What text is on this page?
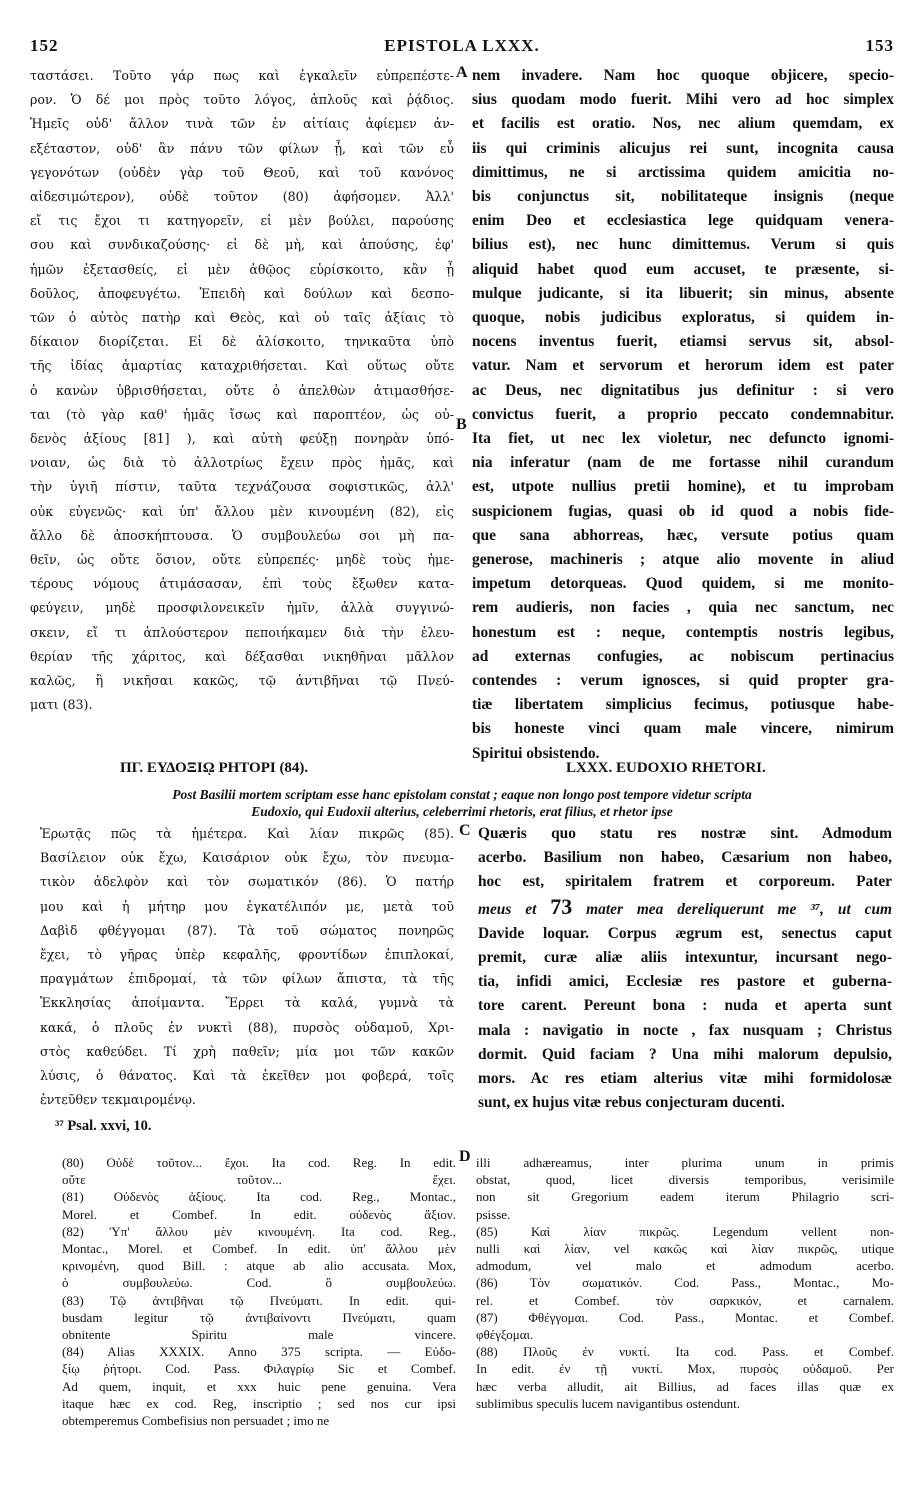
152	EPISTOLA LXXX.	153
ταστάσει. Τοῦτο γάρ πως καὶ ἐγκαλεῖν εὐπρεπέστε-
ρον. Ὁ δέ μοι πρὸς τοῦτο λόγος, ἁπλοῦς καὶ ῥᾴδιος.
Ἡμεῖς οὐδ' ἄλλον τινὰ τῶν ἐν αἰτίαις ἀφίεμεν ἀν-
εξέταστον, οὐδ' ἂν πάνυ τῶν φίλων ᾖ, καὶ τῶν εὖ
γεγονότων (οὐδὲν γὰρ τοῦ Θεοῦ, καὶ τοῦ κανόνος
αἰδεσιμώτερον), οὐδὲ τοῦτον (80) ἀφήσομεν. Ἀλλ'
εἴ τις ἔχοι τι κατηγορεῖν, εἰ μὲν βούλει, παρούσης
σου καὶ συνδικαζούσης· εἰ δὲ μὴ, καὶ ἀπούσης, ἐφ'
ἡμῶν ἐξετασθείς, εἰ μὲν ἀθῷος εὑρίσκοιτο, κἂν ᾖ
δοῦλος, ἀποφευγέτω. Ἐπειδὴ καὶ δούλων καὶ δεσπο-
τῶν ὁ αὐτὸς πατὴρ καὶ Θεὸς, καὶ οὐ ταῖς ἀξίαις τὸ
δίκαιον διορίζεται. Εἰ δὲ ἁλίσκοιτο, τηνικαῦτα ὑπὸ
τῆς ἰδίας ἁμαρτίας καταχριθήσεται. Καὶ οὕτως οὔτε
ὁ κανὼν ὑβρισθήσεται, οὔτε ὁ ἀπελθὼν ἀτιμασθήσε-
ται (τὸ γὰρ καθ' ἡμᾶς ἴσως καὶ παροπτέον, ὡς οὐ-
δενὸς ἀξίους [81] ), καὶ αὐτὴ φεύξῃ πονηρὰν ὑπό-
νοιαν, ὡς διὰ τὸ ἀλλοτρίως ἔχειν πρὸς ἡμᾶς, καὶ
τὴν ὑγιῆ πίστιν, ταῦτα τεχνάζουσα σοφιστικῶς, ἀλλ'
οὐκ εὐγενῶς· καὶ ὑπ' ἄλλου μὲν κινουμένη (82), εἰς
ἄλλο δὲ ἀποσκήπτουσα. Ὁ συμβουλεύω σοι μὴ πα-
θεῖν, ὡς οὔτε ὅσιον, οὔτε εὐπρεπές· μηδὲ τοὺς ἡμε-
τέρους νόμους ἀτιμάσασαν, ἐπὶ τοὺς ἔξωθεν κατα-
φεύγειν, μηδὲ προσφιλονεικεῖν ἡμῖν, ἀλλὰ συγγινώ-
σκειν, εἴ τι ἁπλούστερον πεποιήκαμεν διὰ τὴν ἐλευ-
θερίαν τῆς χάριτος, καὶ δέξασθαι νικηθῆναι μᾶλλον
καλῶς, ἢ νικῆσαι κακῶς, τῷ ἀντιβῆναι τῷ Πνεύ-
ματι (83).
nem invadere. Nam hoc quoque objicere, specio-
sius quodam modo fuerit. Mihi vero ad hoc simplex
et facilis est oratio. Nos, nec alium quemdam, ex
iis qui criminis alicujus rei sunt, incognita causa
dimittimus, ne si arctissima quidem amicitia no-
bis conjunctus sit, nobilitateque insignis (neque
enim Deo et ecclesiastica lege quidquam venera-
bilius est), nec hunc dimittemus. Verum si quis
aliquid habet quod eum accuset, te præsente, si-
mulque judicante, si ita libuerit; sin minus, absente
quoque, nobis judicibus exploratus, si quidem in-
nocens inventus fuerit, etiamsi servus sit, absol-
vatur. Nam et servorum et herorum idem est pater
ac Deus, nec dignitatibus jus definitur : si vero
convictus fuerit, a proprio peccato condemnabitur.
Ita fiet, ut nec lex violetur, nec defuncto ignomi-
nia inferatur (nam de me fortasse nihil curandum
est, utpote nullius pretii homine), et tu improbam
suspicionem fugias, quasi ob id quod a nobis fide-
que sana abhorreas, hæc, versute potius quam
generose, machineris ; atque alio movente in aliud
impetum detorqueas. Quod quidem, si me monito-
rem audieris, non facies , quia nec sanctum, nec
honestum est : neque, contemptis nostris legibus,
ad externas confugies, ac nobiscum pertinacius
contendes : verum ignosces, si quid propter gra-
tiæ libertatem simplicius fecimus, potiusque habe-
bis honeste vinci quam male vincere, nimirum
Spiritui obsistendo.
A
B
C
D
ΠΓ. ΕΥΔΟΞΙῼ ΡΗΤΟΡΙ (84).	LXXX. EUDOXIO RHETORI.
Post Basilii mortem scriptam esse hanc epistolam constat ; eaque non longo post tempore videtur scripta
Eudoxio, qui Eudoxii alterius, celeberrimi rhetoris, erat filius, et rhetor ipse
Ἐρωτᾷς πῶς τὰ ἡμέτερα. Καὶ λίαν πικρῶς (85).
Βασίλειον οὐκ ἔχω, Καισάριον οὐκ ἔχω, τὸν πνευμα-
τικὸν ἀδελφὸν καὶ τὸν σωματικόν (86). Ὁ πατήρ
μου καὶ ἡ μήτηρ μου ἐγκατέλιπόν με, μετὰ τοῦ
Δαβὶδ φθέγγομαι (87). Τὰ τοῦ σώματος πονηρῶς
ἔχει, τὸ γῆρας ὑπὲρ κεφαλῆς, φροντίδων ἐπιπλοκαί,
πραγμάτων ἐπιδρομαί, τὰ τῶν φίλων ἄπιστα, τὰ τῆς
Ἐκκλησίας ἀποίμαντα. Ἔρρει τὰ καλά, γυμνὰ τὰ
κακά, ὁ πλοῦς ἐν νυκτὶ (88), πυρσὸς οὐδαμοῦ, Χρι-
στὸς καθεύδει. Τί χρὴ παθεῖν; μία μοι τῶν κακῶν
λύσις, ὁ θάνατος. Καὶ τὰ ἐκεῖθεν μοι φοβερά, τοῖς
ἐντεῦθεν τεκμαιρομένῳ.
Quæris quo statu res nostræ sint. Admodum
acerbo. Basilium non habeo, Cæsarium non habeo,
hoc est, spiritalem fratrem et corporeum. Pater
meus et 73 mater mea dereliquerunt me ³⁷, ut cum
Davide loquar. Corpus ægrum est, senectus caput
premit, curæ aliæ aliis intexuntur, incursant nego-
tia, infidi amici, Ecclesiæ res pastore et guberna-
tore carent. Pereunt bona : nuda et aperta sunt
mala : navigatio in nocte , fax nusquam ; Christus
dormit. Quid faciam ? Una mihi malorum depulsio,
mors. Ac res etiam alterius vitæ mihi formidolosæ
sunt, ex hujus vitæ rebus conjecturam ducenti.
³⁷ Psal. xxvi, 10.
(80) Οὐδὲ τοῦτον... ἔχοι. Ita cod. Reg. In edit.
οὔτε τοῦτον... ἔχει.
(81) Οὐδενὸς ἀξίους. Ita cod. Reg., Montac.,
Morel. et Combef. In edit. οὐδενὸς ἄξιον.
(82) Ὑπ' ἄλλου μὲν κινουμένη. Ita cod. Reg.,
Montac., Morel. et Combef. In edit. ὑπ' ἄλλου μὲν
κρινομένη, quod Bill. : atque ab alio accusata. Mox,
ὁ συμβουλεύω. Cod. ὃ συμβουλεύω.
(83) Τῷ ἀντιβῆναι τῷ Πνεύματι. In edit. qui-
busdam legitur τῷ ἀντιβαίνοντι Πνεύματι, quam
obnitente Spiritu male vincere.
(84) Alias XXXIX. Anno 375 scripta. — Εὐδο-
ξίῳ ῥήτορι. Cod. Pass. Φιλαγρίῳ Sic et Combef.
Ad quem, inquit, et xxx huic pene genuina. Vera
itaque hæc ex cod. Reg, inscriptio ; sed nos cur ipsi
obtemperemus Combefisius non persuadet ; imo ne
illi adhæreamus, inter plurima unum in primis
obstat, quod, licet diversis temporibus, verisimile
non sit Gregorium eadem iterum Philagrio scri-
psisse.
(85) Καὶ λίαν πικρῶς. Legendum vellent non-
nulli καὶ λίαν, vel κακῶς καὶ λίαν πικρῶς, utique
admodum, vel malo et admodum acerbo.
(86) Τὸν σωματικόν. Cod. Pass., Montac., Mo-
rel. et Combef. τὸν σαρκικόν, et carnalem.
(87) Φθέγγομαι. Cod. Pass., Montac. et Combef.
φθέγξομαι.
(88) Πλοῦς ἐν νυκτί. Ita cod. Pass. et Combef.
In edit. ἐν τῇ νυκτί. Mox, πυρσὸς οὐδαμοῦ. Per
hæc verba alludit, ait Billius, ad faces illas quæ ex
sublimibus speculis lucem navigantibus ostendunt.
